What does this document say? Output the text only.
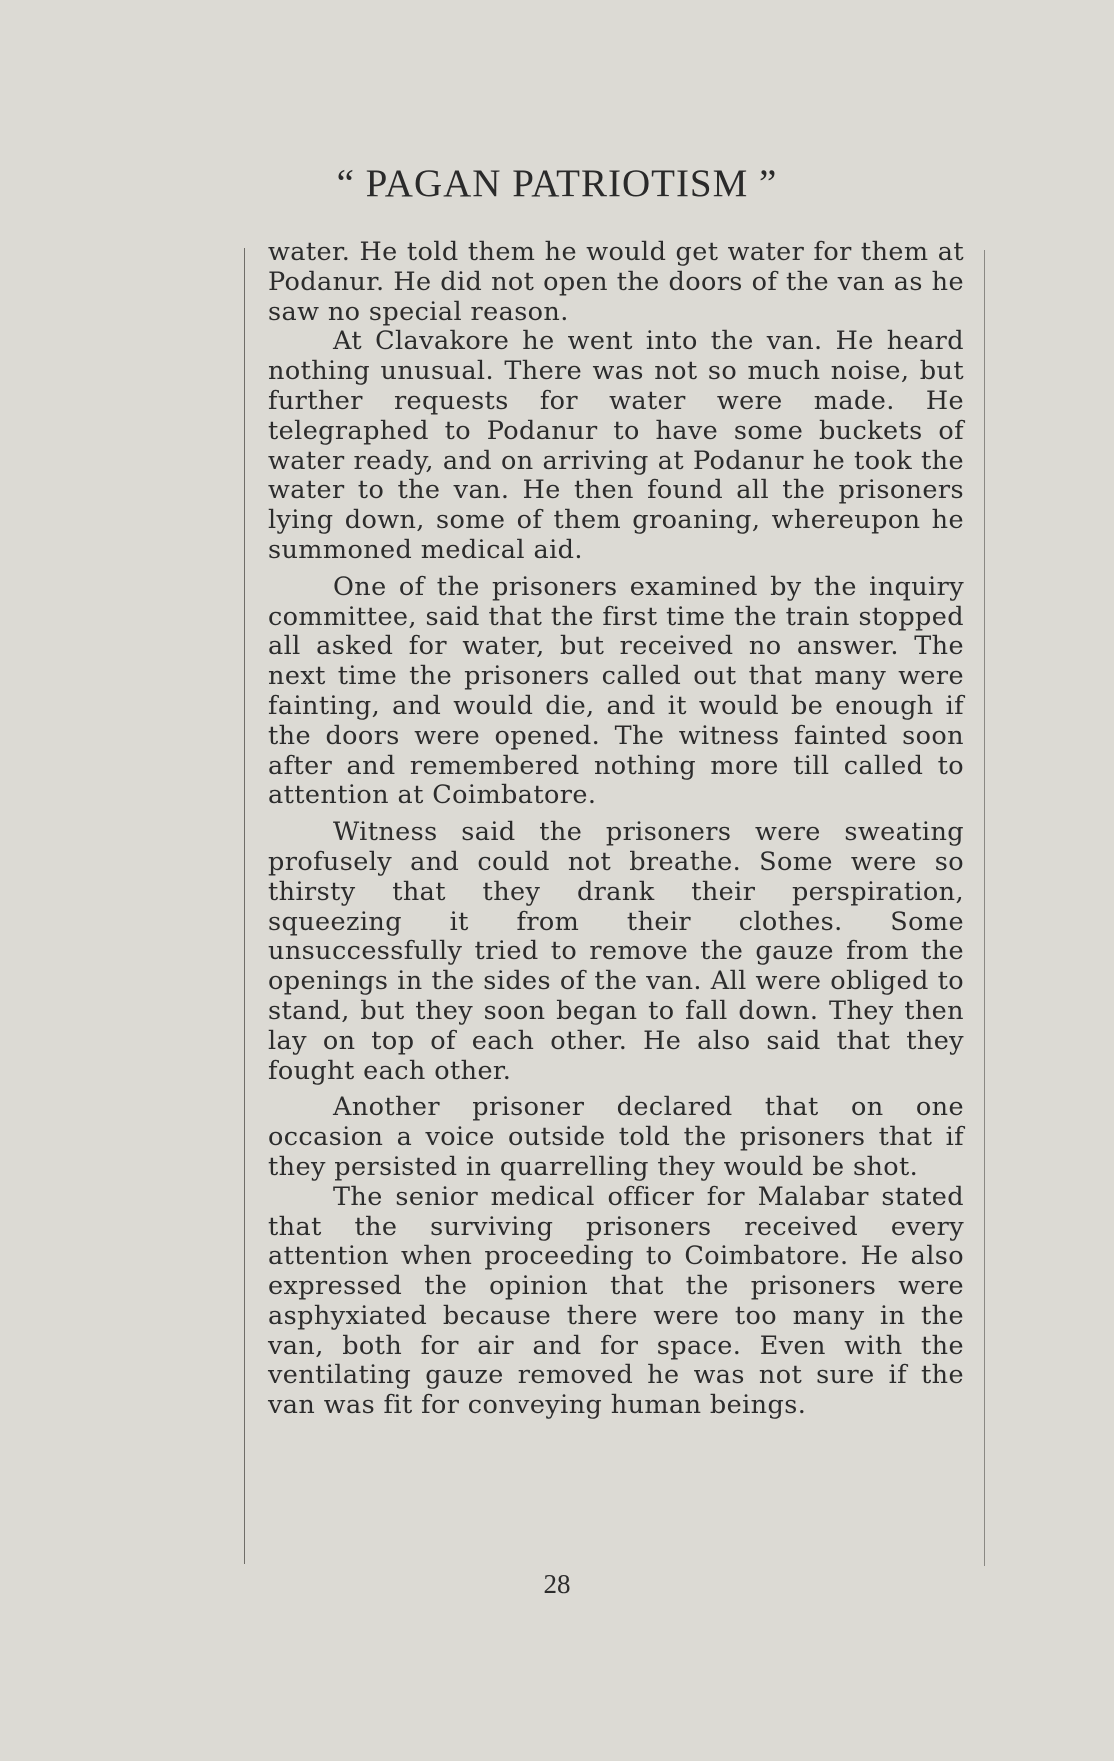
“ PAGAN PATRIOTISM ”

water. He told them he would get water for them at Podanur. He did not open the doors of the van as he saw no special reason.

At Clavakore he went into the van. He heard nothing unusual. There was not so much noise, but further requests for water were made. He telegraphed to Podanur to have some buckets of water ready, and on arriving at Podanur he took the water to the van. He then found all the prisoners lying down, some of them groaning, whereupon he summoned medical aid.

One of the prisoners examined by the inquiry committee, said that the first time the train stopped all asked for water, but received no answer. The next time the prisoners called out that many were fainting, and would die, and it would be enough if the doors were opened. The witness fainted soon after and remembered nothing more till called to attention at Coimbatore.

Witness said the prisoners were sweating profusely and could not breathe. Some were so thirsty that they drank their perspiration, squeezing it from their clothes. Some unsuccessfully tried to remove the gauze from the openings in the sides of the van. All were obliged to stand, but they soon began to fall down. They then lay on top of each other. He also said that they fought each other.

Another prisoner declared that on one occasion a voice outside told the prisoners that if they persisted in quarrelling they would be shot.

The senior medical officer for Malabar stated that the surviving prisoners received every attention when proceeding to Coimbatore. He also expressed the opinion that the prisoners were asphyxiated because there were too many in the van, both for air and for space. Even with the ventilating gauze removed he was not sure if the van was fit for conveying human beings.

28
